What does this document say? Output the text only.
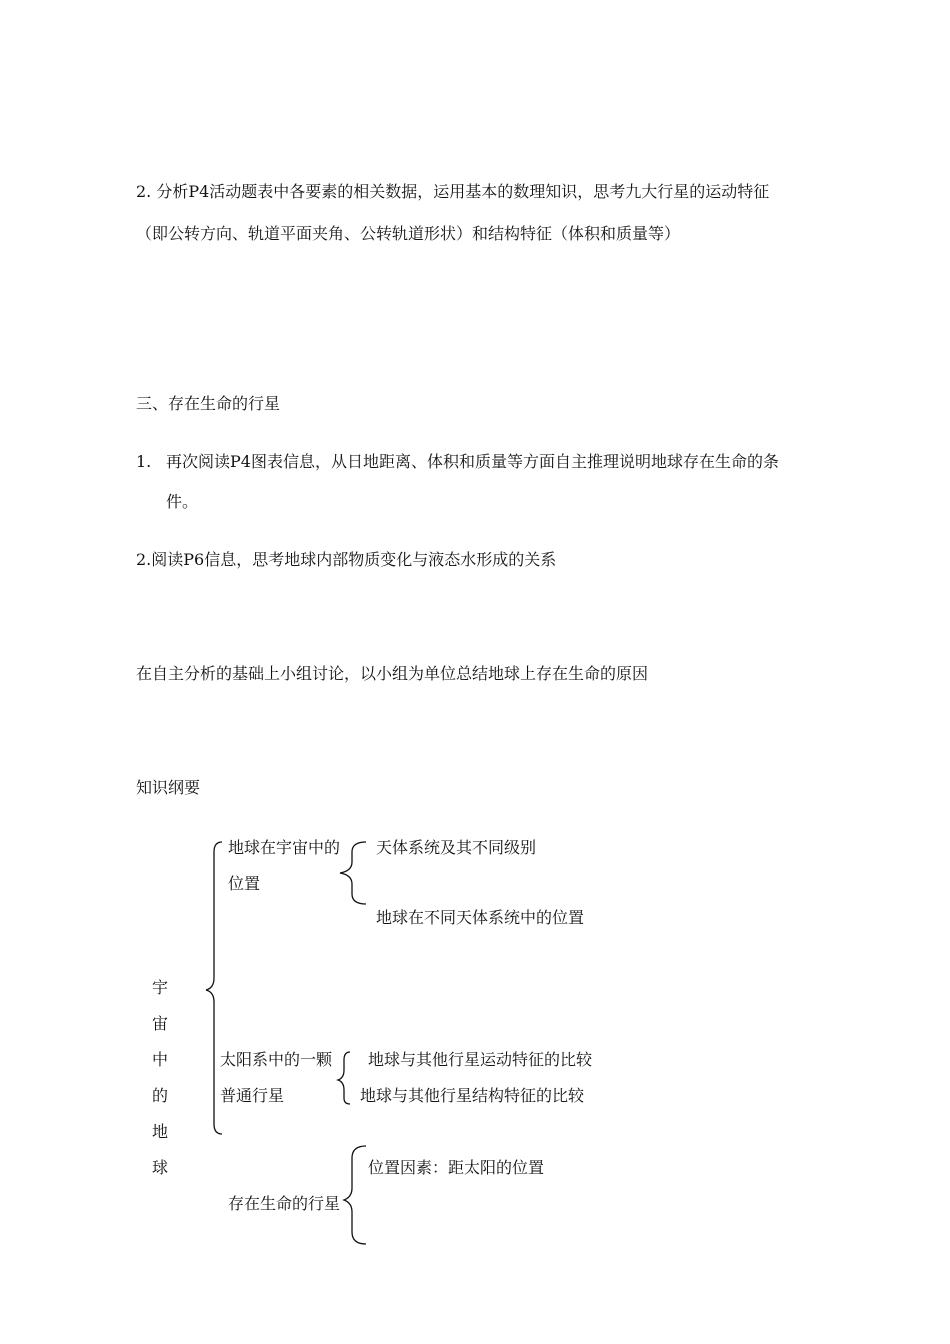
2. 分析P4活动题表中各要素的相关数据，运用基本的数理知识，思考九大行星的运动特征
（即公转方向、轨道平面夹角、公转轨道形状）和结构特征（体积和质量等）
三、存在生命的行星
1. 再次阅读P4图表信息，从日地距离、体积和质量等方面自主推理说明地球存在生命的条
件。
2.阅读P6信息，思考地球内部物质变化与液态水形成的关系
在自主分析的基础上小组讨论，以小组为单位总结地球上存在生命的原因
知识纲要
宇
宙
中
的
地
球
地球在宇宙中的
位置
天体系统及其不同级别
地球在不同天体系统中的位置
太阳系中的一颗
普通行星
地球与其他行星运动特征的比较
地球与其他行星结构特征的比较
存在生命的行星
位置因素：距太阳的位置
